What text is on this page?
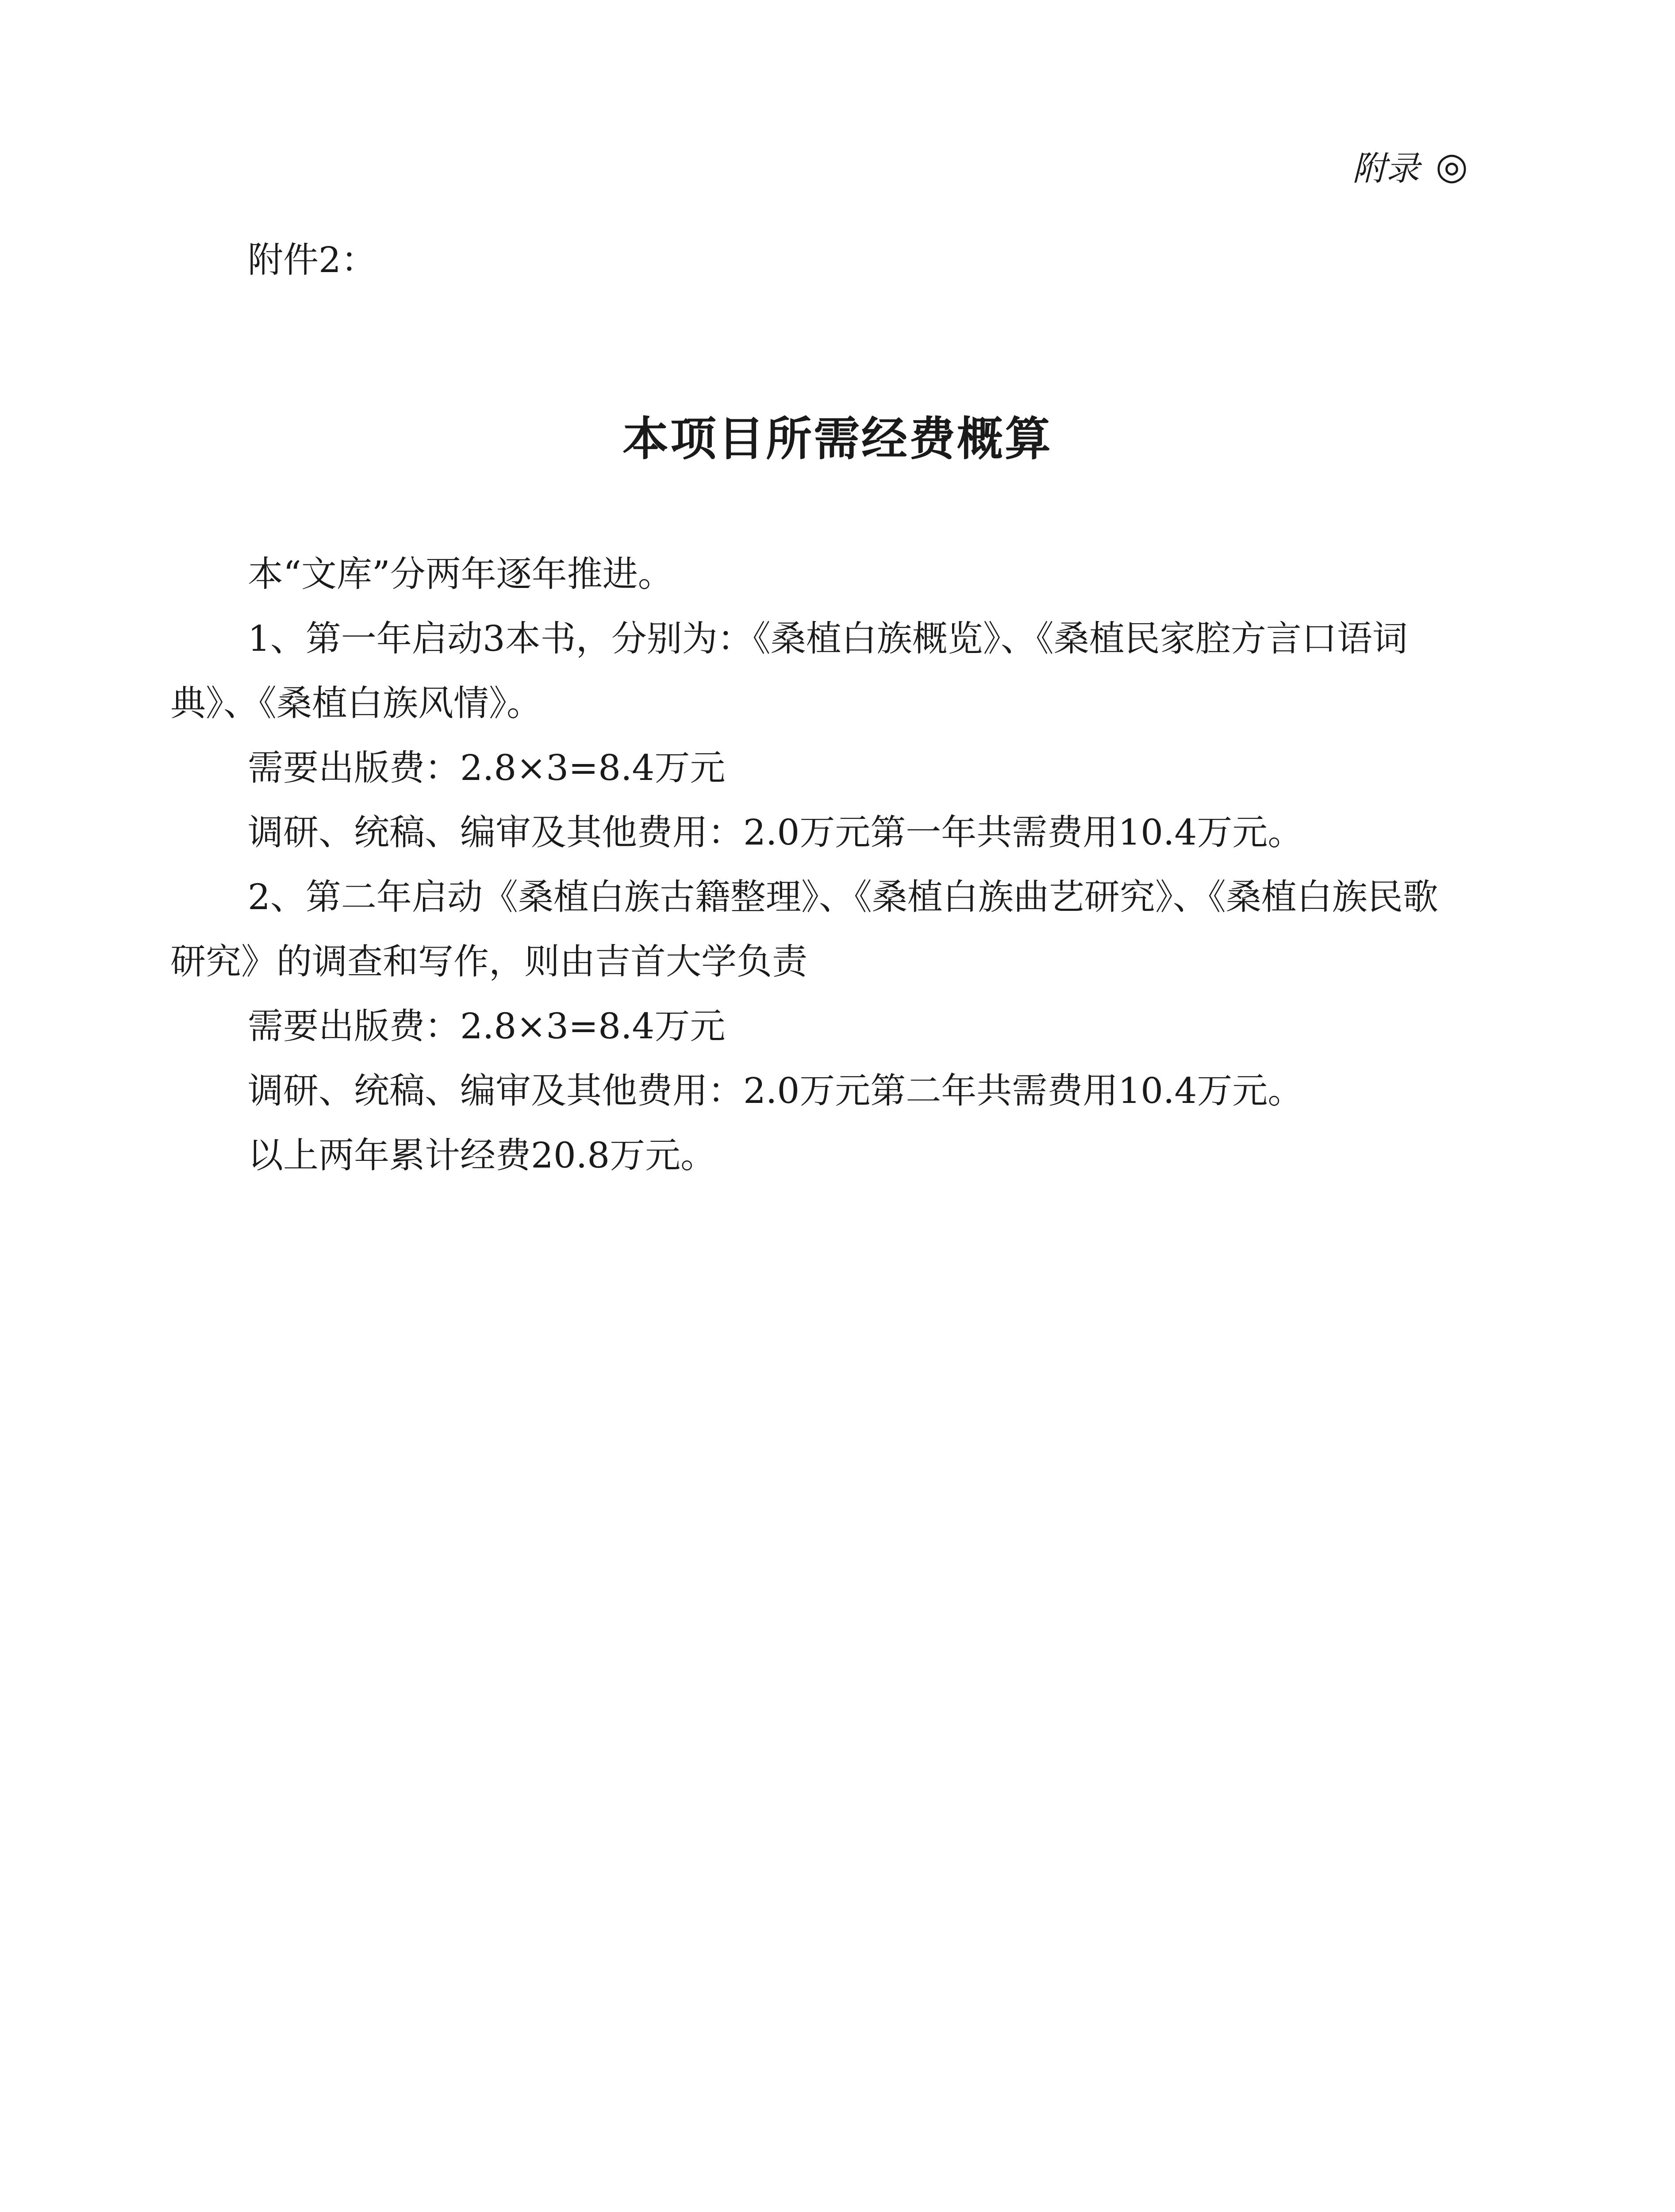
附录 ◎
附件2：
本项目所需经费概算

本“文库”分两年逐年推进。

1、第一年启动3本书，分别为：《桑植白族概览》、《桑植民家腔方言口语词典》、《桑植白族风情》。

需要出版费：2.8×3=8.4万元

调研、统稿、编审及其他费用：2.0万元第一年共需费用10.4万元。

2、第二年启动《桑植白族古籍整理》、《桑植白族曲艺研究》、《桑植白族民歌研究》的调查和写作，则由吉首大学负责

需要出版费：2.8×3=8.4万元

调研、统稿、编审及其他费用：2.0万元第二年共需费用10.4万元。

以上两年累计经费20.8万元。
